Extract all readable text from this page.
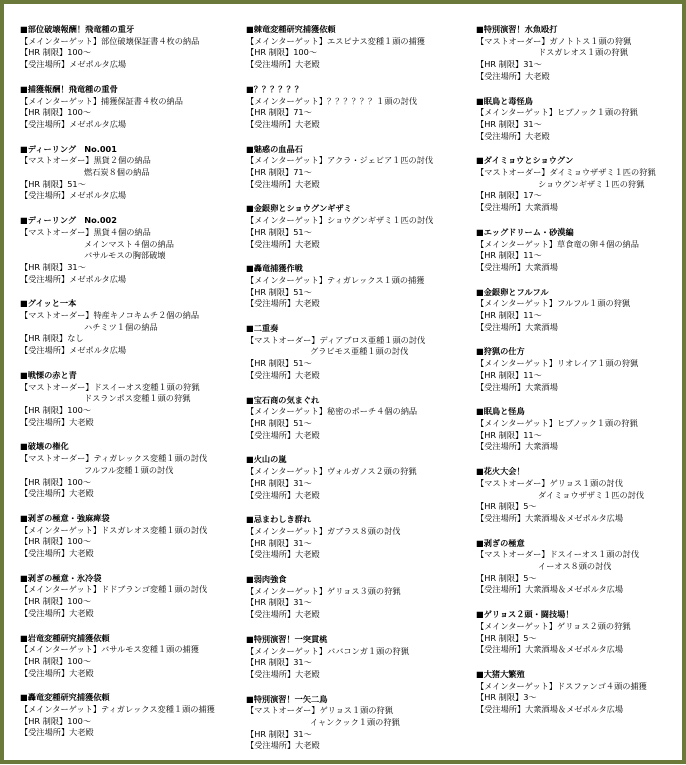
■部位破壊報酬！飛竜種の重牙
【メインターゲット】部位破壊保証書４枚の納品
【HR 制限】100～
【受注場所】メゼポルタ広場
■捕獲報酬！飛竜種の重骨
【メインターゲット】捕獲保証書４枚の納品
【HR 制限】100～
【受注場所】メゼポルタ広場
■ディーリング　No.001
【マストオーダー】黒貨２個の納品
燃石炭８個の納品
【HR 制限】51～
【受注場所】メゼポルタ広場
■ディーリング　No.002
【マストオーダー】黒貨４個の納品
メインマスト４個の納品
バサルモスの胸部破壊
【HR 制限】31～
【受注場所】メゼポルタ広場
■グイッと一本
【マストオーダー】特産キノコキムチ２個の納品
ハチミツ１個の納品
【HR 制限】なし
【受注場所】メゼポルタ広場
■戦慄の赤と青
【マストオーダー】ドスイーオス変種１頭の狩猟
ドスランポス変種１頭の狩猟
【HR 制限】100～
【受注場所】大老殿
■破壊の権化
【マストオーダー】ティガレックス変種１頭の討伐
フルフル変種１頭の討伐
【HR 制限】100～
【受注場所】大老殿
■剥ぎの極意・強麻痺袋
【メインターゲット】ドスガレオス変種１頭の討伐
【HR 制限】100～
【受注場所】大老殿
■剥ぎの極意・氷冷袋
【メインターゲット】ドドブランゴ変種１頭の討伐
【HR 制限】100～
【受注場所】大老殿
■岩竜変種研究捕獲依頼
【メインターゲット】バサルモス変種１頭の捕獲
【HR 制限】100～
【受注場所】大老殿
■轟竜変種研究捕獲依頼
【メインターゲット】ティガレックス変種１頭の捕獲
【HR 制限】100～
【受注場所】大老殿
■棘竜変種研究捕獲依頼
【メインターゲット】エスピナス変種１頭の捕獲
【HR 制限】100～
【受注場所】大老殿
■？？？？？？
【メインターゲット】？？？？？？１頭の討伐
【HR 制限】71～
【受注場所】大老殿
■魅惑の血晶石
【メインターゲット】アクラ・ジェビア１匹の討伐
【HR 制限】71～
【受注場所】大老殿
■金銀卵とショウグンギザミ
【メインターゲット】ショウグンギザミ１匹の討伐
【HR 制限】51～
【受注場所】大老殿
■轟竜捕獲作戦
【メインターゲット】ティガレックス１頭の捕獲
【HR 制限】51～
【受注場所】大老殿
■二重奏
【マストオーダー】ディアブロス亜種１頭の討伐
グラビモス亜種１頭の討伐
【HR 制限】51～
【受注場所】大老殿
■宝石商の気まぐれ
【メインターゲット】秘密のポーチ４個の納品
【HR 制限】51～
【受注場所】大老殿
■火山の嵐
【メインターゲット】ヴォルガノス２頭の狩猟
【HR 制限】31～
【受注場所】大老殿
■忌まわしき群れ
【メインターゲット】ガブラス８頭の討伐
【HR 制限】31～
【受注場所】大老殿
■弱肉強食
【メインターゲット】ゲリョス３頭の狩猟
【HR 制限】31～
【受注場所】大老殿
■特別演習！一突貫桃
【メインターゲット】ババコンガ１頭の狩猟
【HR 制限】31～
【受注場所】大老殿
■特別演習！一矢二鳥
【マストオーダー】ゲリョス１頭の狩猟
イャンクック１頭の狩猟
【HR 制限】31～
【受注場所】大老殿
■特別演習！水魚殴打
【マストオーダー】ガノトトス１頭の狩猟
ドスガレオス１頭の狩猟
【HR 制限】31～
【受注場所】大老殿
■眠鳥と毒怪鳥
【メインターゲット】ヒプノック１頭の狩猟
【HR 制限】31～
【受注場所】大老殿
■ダイミョウとショウグン
【マストオーダー】ダイミョウザザミ１匹の狩猟
ショウグンギザミ１匹の狩猟
【HR 制限】17～
【受注場所】大衆酒場
■エッグドリーム・砂漠編
【メインターゲット】草食竜の卵４個の納品
【HR 制限】11～
【受注場所】大衆酒場
■金銀卵とフルフル
【メインターゲット】フルフル１頭の狩猟
【HR 制限】11～
【受注場所】大衆酒場
■狩猟の仕方
【メインターゲット】リオレイア１頭の狩猟
【HR 制限】11～
【受注場所】大衆酒場
■眠鳥と怪鳥
【メインターゲット】ヒプノック１頭の狩猟
【HR 制限】11～
【受注場所】大衆酒場
■花火大会！
【マストオーダー】ゲリョス１頭の討伐
ダイミョウザザミ１匹の討伐
【HR 制限】5～
【受注場所】大衆酒場＆メゼポルタ広場
■剥ぎの極意
【マストオーダー】ドスイーオス１頭の討伐
イーオス８頭の討伐
【HR 制限】5～
【受注場所】大衆酒場＆メゼポルタ広場
■ゲリョス２頭・闘技場！
【メインターゲット】ゲリョス２頭の狩猟
【HR 制限】5～
【受注場所】大衆酒場＆メゼポルタ広場
■大猪大繁殖
【メインターゲット】ドスファンゴ４頭の捕獲
【HR 制限】3～
【受注場所】大衆酒場＆メゼポルタ広場
